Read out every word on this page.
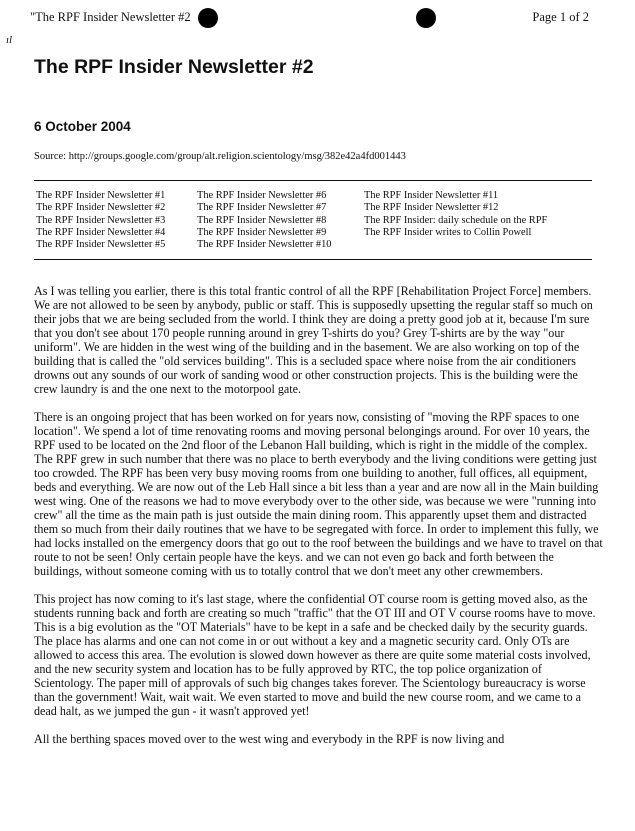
"The RPF Insider Newsletter #2	Page 1 of 2
ıl
The RPF Insider Newsletter #2
6 October 2004
Source: http://groups.google.com/group/alt.religion.scientology/msg/382e42a4fd001443
The RPF Insider Newsletter #1
The RPF Insider Newsletter #2
The RPF Insider Newsletter #3
The RPF Insider Newsletter #4
The RPF Insider Newsletter #5
The RPF Insider Newsletter #6
The RPF Insider Newsletter #7
The RPF Insider Newsletter #8
The RPF Insider Newsletter #9
The RPF Insider Newsletter #10
The RPF Insider Newsletter #11
The RPF Insider Newsletter #12
The RPF Insider: daily schedule on the RPF
The RPF Insider writes to Collin Powell

As I was telling you earlier, there is this total frantic control of all the RPF [Rehabilitation Project Force] members. We are not allowed to be seen by anybody, public or staff. This is supposedly upsetting the regular staff so much on their jobs that we are being secluded from the world. I think they are doing a pretty good job at it, because I'm sure that you don't see about 170 people running around in grey T-shirts do you? Grey T-shirts are by the way "our uniform". We are hidden in the west wing of the building and in the basement. We are also working on top of the building that is called the "old services building". This is a secluded space where noise from the air conditioners drowns out any sounds of our work of sanding wood or other construction projects. This is the building were the crew laundry is and the one next to the motorpool gate.

There is an ongoing project that has been worked on for years now, consisting of "moving the RPF spaces to one location". We spend a lot of time renovating rooms and moving personal belongings around. For over 10 years, the RPF used to be located on the 2nd floor of the Lebanon Hall building, which is right in the middle of the complex. The RPF grew in such number that there was no place to berth everybody and the living conditions were getting just too crowded. The RPF has been very busy moving rooms from one building to another, full offices, all equipment, beds and everything. We are now out of the Leb Hall since a bit less than a year and are now all in the Main building west wing. One of the reasons we had to move everybody over to the other side, was because we were "running into crew" all the time as the main path is just outside the main dining room. This apparently upset them and distracted them so much from their daily routines that we have to be segregated with force. In order to implement this fully, we had locks installed on the emergency doors that go out to the roof between the buildings and we have to travel on that route to not be seen! Only certain people have the keys. and we can not even go back and forth between the buildings, without someone coming with us to totally control that we don't meet any other crewmembers.

This project has now coming to it's last stage, where the confidential OT course room is getting moved also, as the students running back and forth are creating so much "traffic" that the OT III and OT V course rooms have to move. This is a big evolution as the "OT Materials" have to be kept in a safe and be checked daily by the security guards. The place has alarms and one can not come in or out without a key and a magnetic security card. Only OTs are allowed to access this area. The evolution is slowed down however as there are quite some material costs involved, and the new security system and location has to be fully approved by RTC, the top police organization of Scientology. The paper mill of approvals of such big changes takes forever. The Scientology bureaucracy is worse than the government! Wait, wait wait. We even started to move and build the new course room, and we came to a dead halt, as we jumped the gun - it wasn't approved yet!

All the berthing spaces moved over to the west wing and everybody in the RPF is now living and
